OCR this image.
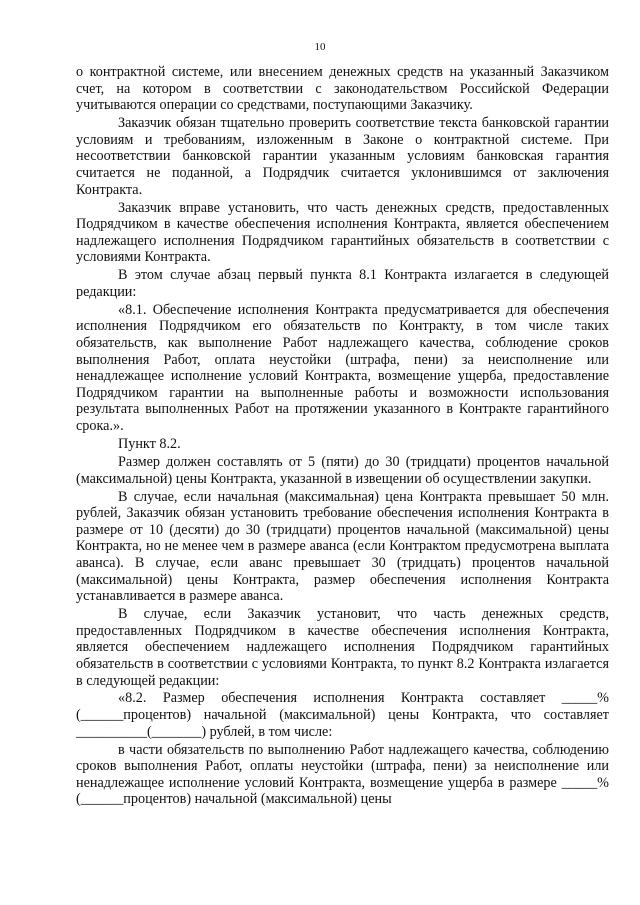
10

о контрактной системе, или внесением денежных средств на указанный Заказчиком счет, на котором в соответствии с законодательством Российской Федерации учитываются операции со средствами, поступающими Заказчику.

Заказчик обязан тщательно проверить соответствие текста банковской гарантии условиям и требованиям, изложенным в Законе о контрактной системе. При несоответствии банковской гарантии указанным условиям банковская гарантия считается не поданной, а Подрядчик считается уклонившимся от заключения Контракта.

Заказчик вправе установить, что часть денежных средств, предоставленных Подрядчиком в качестве обеспечения исполнения Контракта, является обеспечением надлежащего исполнения Подрядчиком гарантийных обязательств в соответствии с условиями Контракта.

В этом случае абзац первый пункта 8.1 Контракта излагается в следующей редакции:

«8.1. Обеспечение исполнения Контракта предусматривается для обеспечения исполнения Подрядчиком его обязательств по Контракту, в том числе таких обязательств, как выполнение Работ надлежащего качества, соблюдение сроков выполнения Работ, оплата неустойки (штрафа, пени) за неисполнение или ненадлежащее исполнение условий Контракта, возмещение ущерба, предоставление Подрядчиком гарантии на выполненные работы и возможности использования результата выполненных Работ на протяжении указанного в Контракте гарантийного срока.».

Пункт 8.2.

Размер должен составлять от 5 (пяти) до 30 (тридцати) процентов начальной (максимальной) цены Контракта, указанной в извещении об осуществлении закупки.

В случае, если начальная (максимальная) цена Контракта превышает 50 млн. рублей, Заказчик обязан установить требование обеспечения исполнения Контракта в размере от 10 (десяти) до 30 (тридцати) процентов начальной (максимальной) цены Контракта, но не менее чем в размере аванса (если Контрактом предусмотрена выплата аванса). В случае, если аванс превышает 30 (тридцать) процентов начальной (максимальной) цены Контракта, размер обеспечения исполнения Контракта устанавливается в размере аванса.

В случае, если Заказчик установит, что часть денежных средств, предоставленных Подрядчиком в качестве обеспечения исполнения Контракта, является обеспечением надлежащего исполнения Подрядчиком гарантийных обязательств в соответствии с условиями Контракта, то пункт 8.2 Контракта излагается в следующей редакции:

«8.2. Размер обеспечения исполнения Контракта составляет _____% (______процентов) начальной (максимальной) цены Контракта, что составляет __________(_______) рублей, в том числе:

в части обязательств по выполнению Работ надлежащего качества, соблюдению сроков выполнения Работ, оплаты неустойки (штрафа, пени) за неисполнение или ненадлежащее исполнение условий Контракта, возмещение ущерба в размере _____% (______процентов) начальной (максимальной) цены
